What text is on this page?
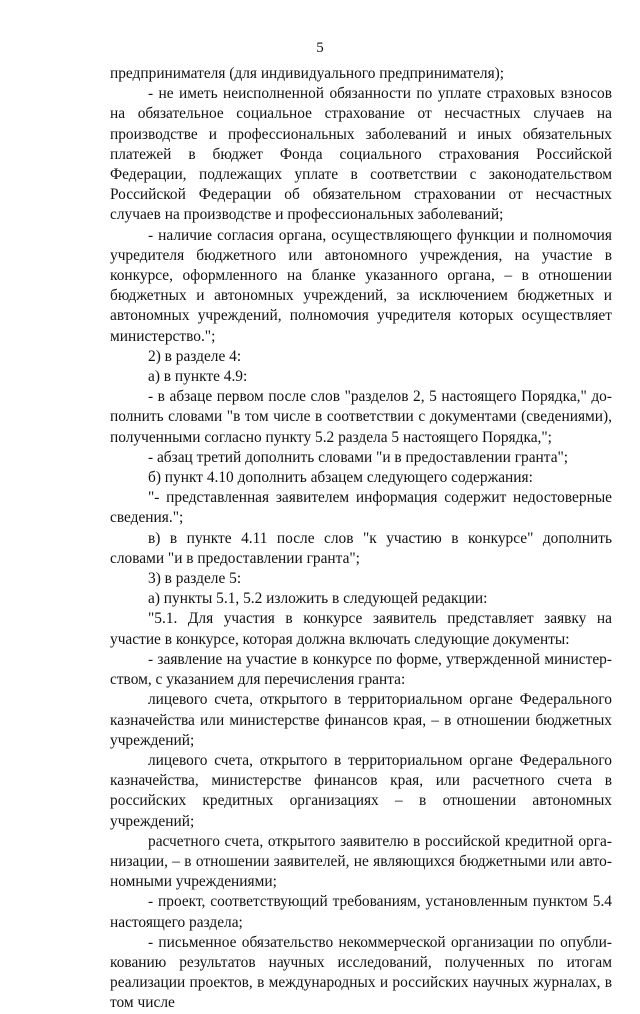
5

предпринимателя (для индивидуального предпринимателя);

- не иметь неисполненной обязанности по уплате страховых взносов на обязательное социальное страхование от несчастных случаев на производстве и профессиональных заболеваний и иных обязательных платежей в бюджет Фонда социального страхования Российской Федерации, подлежащих уплате в соответствии с законодательством Российской Федерации об обязательном страховании от несчастных случаев на производстве и профессиональных заболеваний;

- наличие согласия органа, осуществляющего функции и полномочия учредителя бюджетного или автономного учреждения, на участие в конкурсе, оформленного на бланке указанного органа, – в отношении бюджетных и автономных учреждений, за исключением бюджетных и автономных учреждений, полномочия учредителя которых осуществляет министерство.";

2) в разделе 4:

а) в пункте 4.9:

- в абзаце первом после слов "разделов 2, 5 настоящего Порядка," дополнить словами "в том числе в соответствии с документами (сведениями), полученными согласно пункту 5.2 раздела 5 настоящего Порядка,";

- абзац третий дополнить словами "и в предоставлении гранта";

б) пункт 4.10 дополнить абзацем следующего содержания:

"- представленная заявителем информация содержит недостоверные сведения.";

в) в пункте 4.11 после слов "к участию в конкурсе" дополнить словами "и в предоставлении гранта";

3) в разделе 5:

а) пункты 5.1, 5.2 изложить в следующей редакции:

"5.1. Для участия в конкурсе заявитель представляет заявку на участие в конкурсе, которая должна включать следующие документы:

- заявление на участие в конкурсе по форме, утвержденной министерством, с указанием для перечисления гранта:

лицевого счета, открытого в территориальном органе Федерального казначейства или министерстве финансов края, – в отношении бюджетных учреждений;

лицевого счета, открытого в территориальном органе Федерального казначейства, министерстве финансов края, или расчетного счета в российских кредитных организациях – в отношении автономных учреждений;

расчетного счета, открытого заявителю в российской кредитной организации, – в отношении заявителей, не являющихся бюджетными или автономными учреждениями;

- проект, соответствующий требованиям, установленным пунктом 5.4 настоящего раздела;

- письменное обязательство некоммерческой организации по опубликованию результатов научных исследований, полученных по итогам реализации проектов, в международных и российских научных журналах, в том числе
